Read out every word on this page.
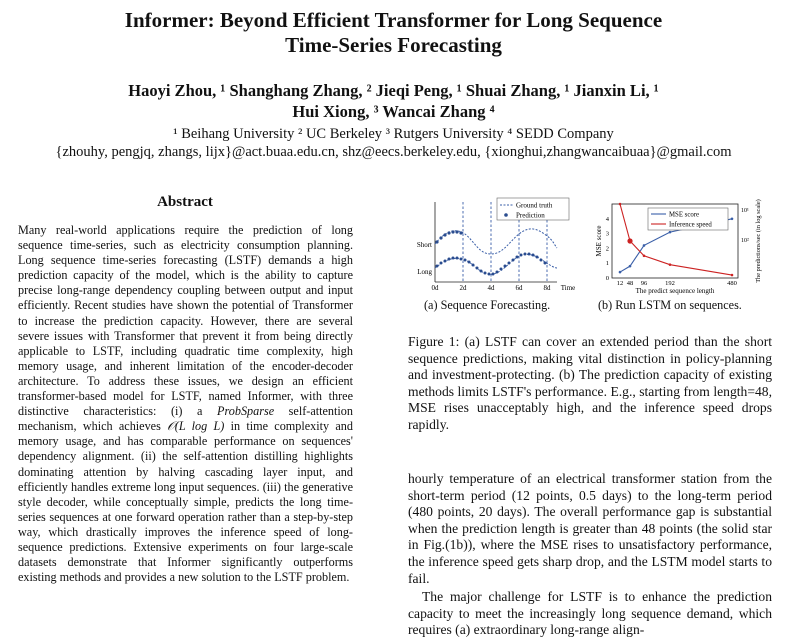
Informer: Beyond Efficient Transformer for Long Sequence
Time-Series Forecasting
Haoyi Zhou, ¹ Shanghang Zhang, ² Jieqi Peng, ¹ Shuai Zhang, ¹ Jianxin Li, ¹
Hui Xiong, ³ Wancai Zhang ⁴
¹ Beihang University ² UC Berkeley ³ Rutgers University ⁴ SEDD Company
{zhouhy, pengjq, zhangs, lijx}@act.buaa.edu.cn, shz@eecs.berkeley.edu, {xionghui,zhangwancaibuaa}@gmail.com
Abstract
Many real-world applications require the prediction of long sequence time-series, such as electricity consumption planning. Long sequence time-series forecasting (LSTF) demands a high prediction capacity of the model, which is the ability to capture precise long-range dependency coupling between output and input efficiently. Recent studies have shown the potential of Transformer to increase the prediction capacity. However, there are several severe issues with Transformer that prevent it from being directly applicable to LSTF, including quadratic time complexity, high memory usage, and inherent limitation of the encoder-decoder architecture. To address these issues, we design an efficient transformer-based model for LSTF, named Informer, with three distinctive characteristics: (i) a ProbSparse self-attention mechanism, which achieves 𝒪(L log L) in time complexity and memory usage, and has comparable performance on sequences' dependency alignment. (ii) the self-attention distilling highlights dominating attention by halving cascading layer input, and efficiently handles extreme long input sequences. (iii) the generative style decoder, while conceptually simple, predicts the long time-series sequences at one forward operation rather than a step-by-step way, which drastically improves the inference speed of long-sequence predictions. Extensive experiments on four large-scale datasets demonstrate that Informer significantly outperforms existing methods and provides a new solution to the LSTF problem.
Short
Long
0d	2d	4d	6d	8d Time
Ground truth
Prediction
(a) Sequence Forecasting.
0
1
2
3
4
MSE score
Inference speed
12 48 96	192	480
The predict sequence length
MSE score
10¹
10² The predictions/sec (in log scale)
(b) Run LSTM on sequences.
Figure 1: (a) LSTF can cover an extended period than the short sequence predictions, making vital distinction in policy-planning and investment-protecting. (b) The prediction capacity of existing methods limits LSTF's performance. E.g., starting from length=48, MSE rises unacceptably high, and the inference speed drops rapidly.

hourly temperature of an electrical transformer station from the short-term period (12 points, 0.5 days) to the long-term period (480 points, 20 days). The overall performance gap is substantial when the prediction length is greater than 48 points (the solid star in Fig.(1b)), where the MSE rises to unsatisfactory performance, the inference speed gets sharp drop, and the LSTM model starts to fail.

The major challenge for LSTF is to enhance the prediction capacity to meet the increasingly long sequence demand, which requires (a) extraordinary long-range align-
